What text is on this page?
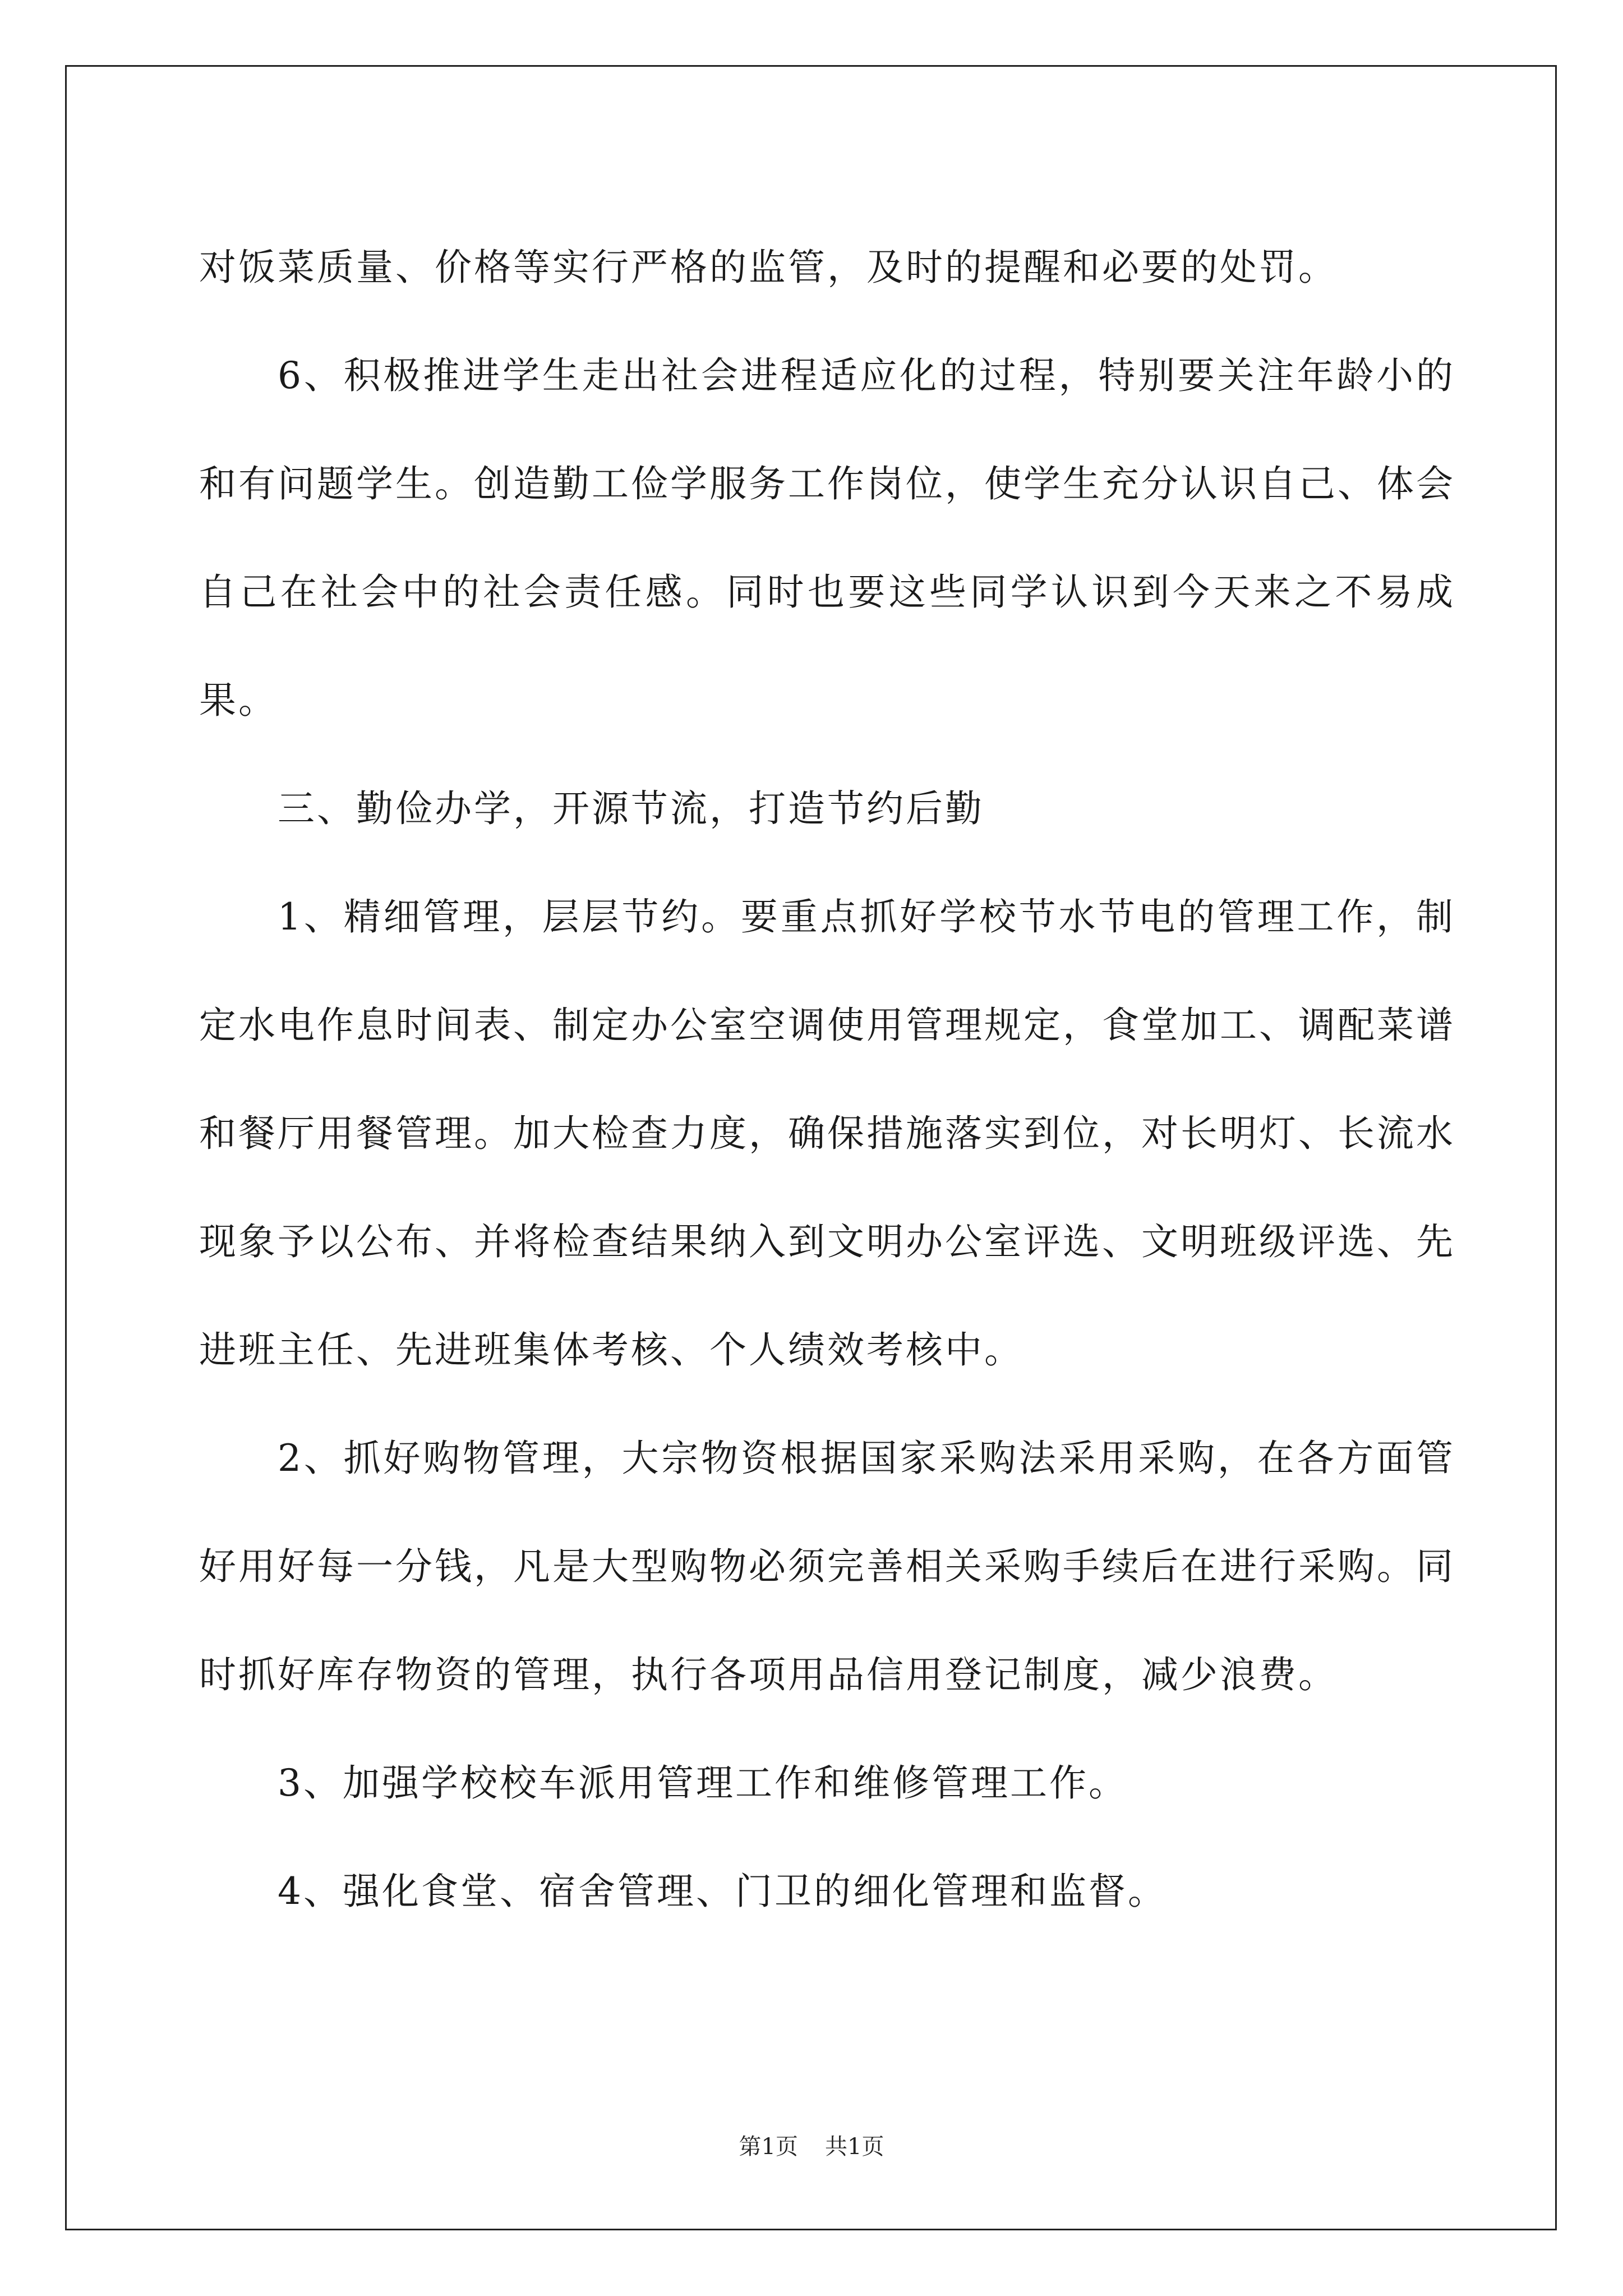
对饭菜质量、价格等实行严格的监管，及时的提醒和必要的处罚。

6、积极推进学生走出社会进程适应化的过程，特别要关注年龄小的和有问题学生。创造勤工俭学服务工作岗位，使学生充分认识自己、体会自己在社会中的社会责任感。同时也要这些同学认识到今天来之不易成果。

三、勤俭办学，开源节流，打造节约后勤

1、精细管理，层层节约。要重点抓好学校节水节电的管理工作，制定水电作息时间表、制定办公室空调使用管理规定，食堂加工、调配菜谱和餐厅用餐管理。加大检查力度，确保措施落实到位，对长明灯、长流水现象予以公布、并将检查结果纳入到文明办公室评选、文明班级评选、先进班主任、先进班集体考核、个人绩效考核中。

2、抓好购物管理，大宗物资根据国家采购法采用采购，在各方面管好用好每一分钱，凡是大型购物必须完善相关采购手续后在进行采购。同时抓好库存物资的管理，执行各项用品信用登记制度，减少浪费。

3、加强学校校车派用管理工作和维修管理工作。

4、强化食堂、宿舍管理、门卫的细化管理和监督。

第1页 共1页
